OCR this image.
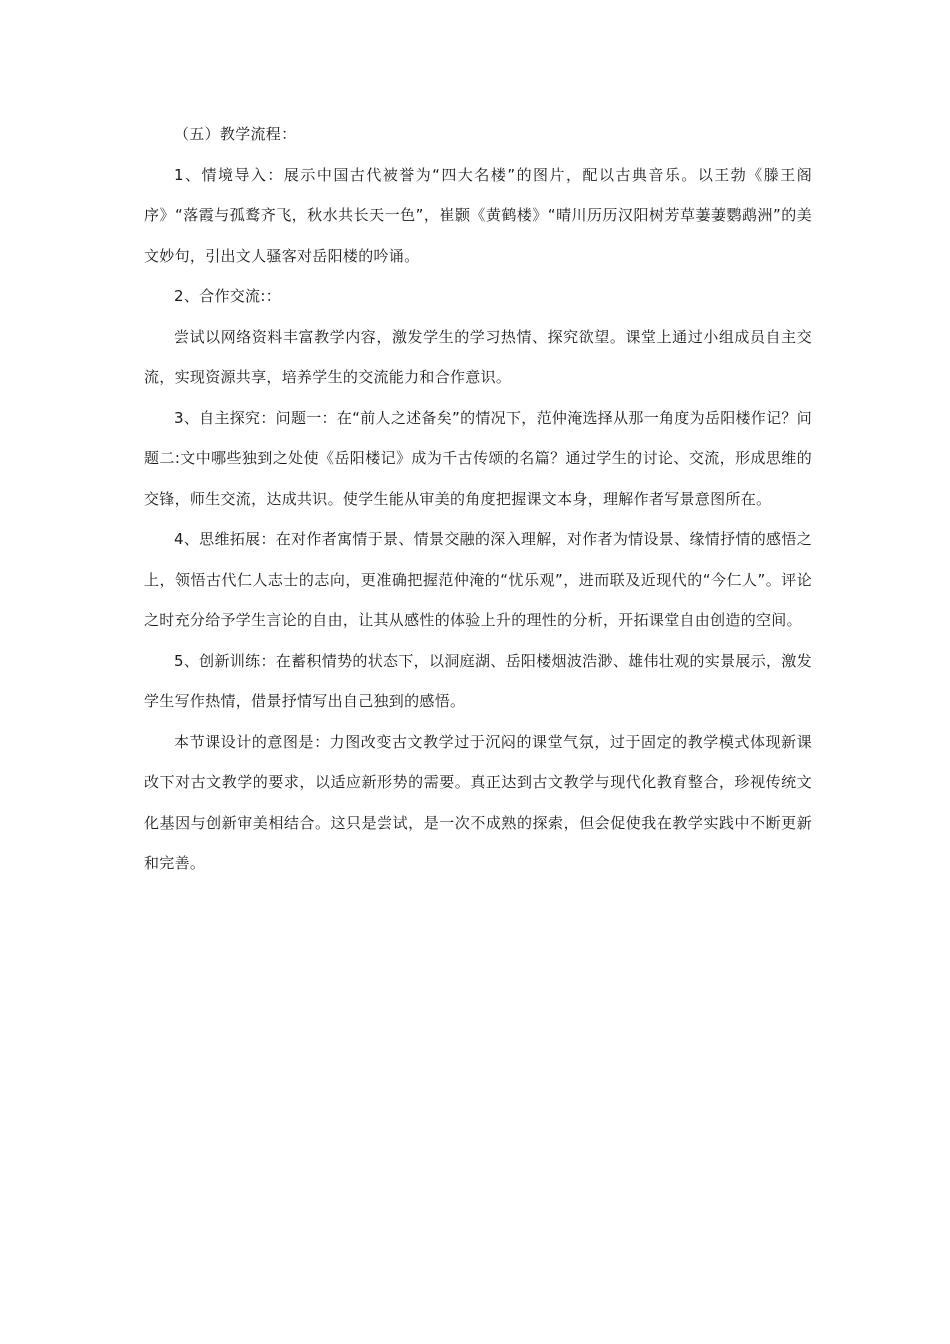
（五）教学流程：

1、情境导入：展示中国古代被誉为“四大名楼”的图片，配以古典音乐。以王勃《滕王阁序》“落霞与孤鹜齐飞，秋水共长天一色”，崔颢《黄鹤楼》“晴川历历汉阳树芳草萋萋鹦鹉洲”的美文妙句，引出文人骚客对岳阳楼的吟诵。

2、合作交流:：

尝试以网络资料丰富教学内容，激发学生的学习热情、探究欲望。课堂上通过小组成员自主交流，实现资源共享，培养学生的交流能力和合作意识。

3、自主探究：问题一：在“前人之述备矣”的情况下，范仲淹选择从那一角度为岳阳楼作记？问题二:文中哪些独到之处使《岳阳楼记》成为千古传颂的名篇？通过学生的讨论、交流，形成思维的交锋，师生交流，达成共识。使学生能从审美的角度把握课文本身，理解作者写景意图所在。

4、思维拓展：在对作者寓情于景、情景交融的深入理解，对作者为情设景、缘情抒情的感悟之上，领悟古代仁人志士的志向，更准确把握范仲淹的“忧乐观”，进而联及近现代的“今仁人”。评论之时充分给予学生言论的自由，让其从感性的体验上升的理性的分析，开拓课堂自由创造的空间。

5、创新训练：在蓄积情势的状态下，以洞庭湖、岳阳楼烟波浩渺、雄伟壮观的实景展示，激发学生写作热情，借景抒情写出自己独到的感悟。

本节课设计的意图是：力图改变古文教学过于沉闷的课堂气氛，过于固定的教学模式体现新课改下对古文教学的要求，以适应新形势的需要。真正达到古文教学与现代化教育整合，珍视传统文化基因与创新审美相结合。这只是尝试，是一次不成熟的探索，但会促使我在教学实践中不断更新和完善。
